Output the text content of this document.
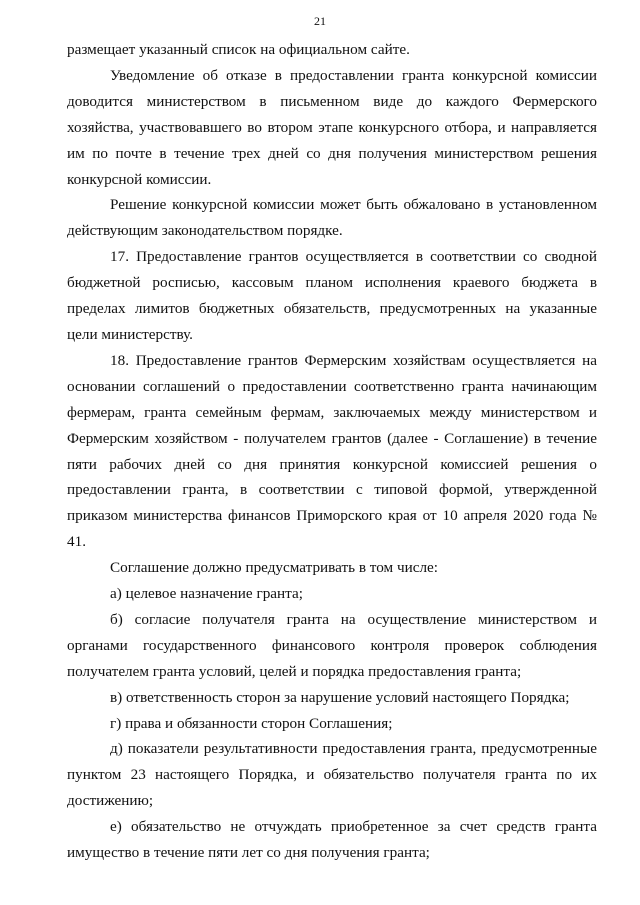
21

размещает указанный список на официальном сайте.

Уведомление об отказе в предоставлении гранта конкурсной комиссии доводится министерством в письменном виде до каждого Фермерского хозяйства, участвовавшего во втором этапе конкурсного отбора, и направляется им по почте в течение трех дней со дня получения министерством решения конкурсной комиссии.

Решение конкурсной комиссии может быть обжаловано в установленном действующим законодательством порядке.

17. Предоставление грантов осуществляется в соответствии со сводной бюджетной росписью, кассовым планом исполнения краевого бюджета в пределах лимитов бюджетных обязательств, предусмотренных на указанные цели министерству.

18. Предоставление грантов Фермерским хозяйствам осуществляется на основании соглашений о предоставлении соответственно гранта начинающим фермерам, гранта семейным фермам, заключаемых между министерством и Фермерским хозяйством - получателем грантов (далее - Соглашение) в течение пяти рабочих дней со дня принятия конкурсной комиссией решения о предоставлении гранта, в соответствии с типовой формой, утвержденной приказом министерства финансов Приморского края от 10 апреля 2020 года № 41.

Соглашение должно предусматривать в том числе:

а) целевое назначение гранта;

б) согласие получателя гранта на осуществление министерством и органами государственного финансового контроля проверок соблюдения получателем гранта условий, целей и порядка предоставления гранта;

в) ответственность сторон за нарушение условий настоящего Порядка;

г) права и обязанности сторон Соглашения;

д) показатели результативности предоставления гранта, предусмотренные пунктом 23 настоящего Порядка, и обязательство получателя гранта по их достижению;

е) обязательство не отчуждать приобретенное за счет средств гранта имущество в течение пяти лет со дня получения гранта;
